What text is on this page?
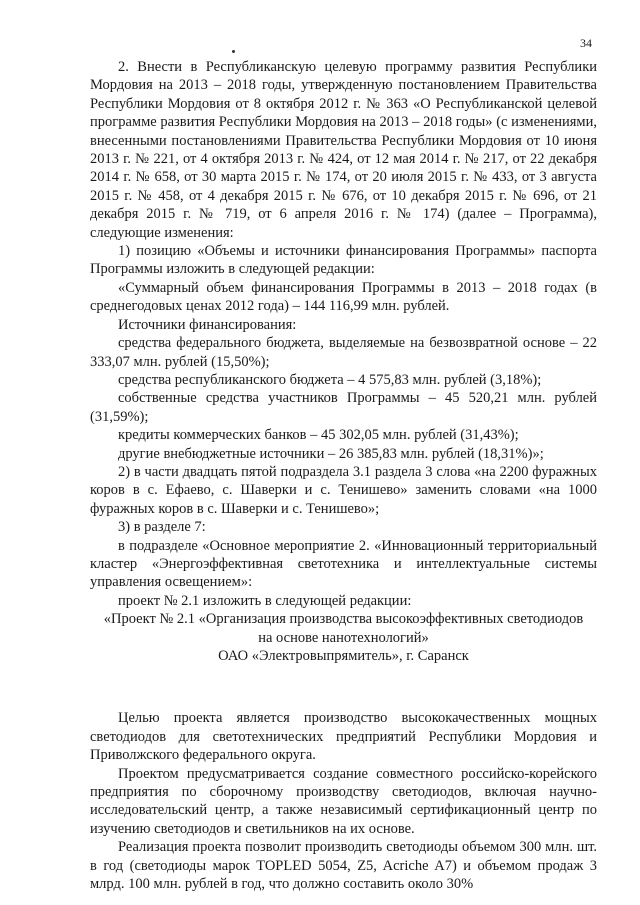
34

2. Внести в Республиканскую целевую программу развития Республики Мордовия на 2013 – 2018 годы, утвержденную постановлением Правительства Республики Мордовия от 8 октября 2012 г. № 363 «О Республиканской целевой программе развития Республики Мордовия на 2013 – 2018 годы» (с изменениями, внесенными постановлениями Правительства Республики Мордовия от 10 июня 2013 г. № 221, от 4 октября 2013 г. № 424, от 12 мая 2014 г. № 217, от 22 декабря 2014 г. № 658, от 30 марта 2015 г. № 174, от 20 июля 2015 г. № 433, от 3 августа 2015 г. № 458, от 4 декабря 2015 г. № 676, от 10 декабря 2015 г. № 696, от 21 декабря 2015 г. № 719, от 6 апреля 2016 г. № 174) (далее – Программа), следующие изменения:

1) позицию «Объемы и источники финансирования Программы» паспорта Программы изложить в следующей редакции:

«Суммарный объем финансирования Программы в 2013 – 2018 годах (в среднегодовых ценах 2012 года) – 144 116,99 млн. рублей.

Источники финансирования:

средства федерального бюджета, выделяемые на безвозвратной основе – 22 333,07 млн. рублей (15,50%);

средства республиканского бюджета – 4 575,83 млн. рублей (3,18%);

собственные средства участников Программы – 45 520,21 млн. рублей (31,59%);

кредиты коммерческих банков – 45 302,05 млн. рублей (31,43%);

другие внебюджетные источники – 26 385,83 млн. рублей (18,31%)»;

2) в части двадцать пятой подраздела 3.1 раздела 3 слова «на 2200 фуражных коров в с. Ефаево, с. Шаверки и с. Тенишево» заменить словами «на 1000 фуражных коров в с. Шаверки и с. Тенишево»;

3) в разделе 7:

в подразделе «Основное мероприятие 2. «Инновационный территориальный кластер «Энергоэффективная светотехника и интеллектуальные системы управления освещением»:

проект № 2.1 изложить в следующей редакции:

«Проект № 2.1 «Организация производства высокоэффективных светодиодов

на основе нанотехнологий»

ОАО «Электровыпрямитель», г. Саранск

Целью проекта является производство высококачественных мощных светодиодов для светотехнических предприятий Республики Мордовия и Приволжского федерального округа.

Проектом предусматривается создание совместного российско-корейского предприятия по сборочному производству светодиодов, включая научно-исследовательский центр, а также независимый сертификационный центр по изучению светодиодов и светильников на их основе.

Реализация проекта позволит производить светодиоды объемом 300 млн. шт. в год (светодиоды марок TOPLED 5054, Z5, Acriche A7) и объемом продаж 3 млрд. 100 млн. рублей в год, что должно составить около 30%
